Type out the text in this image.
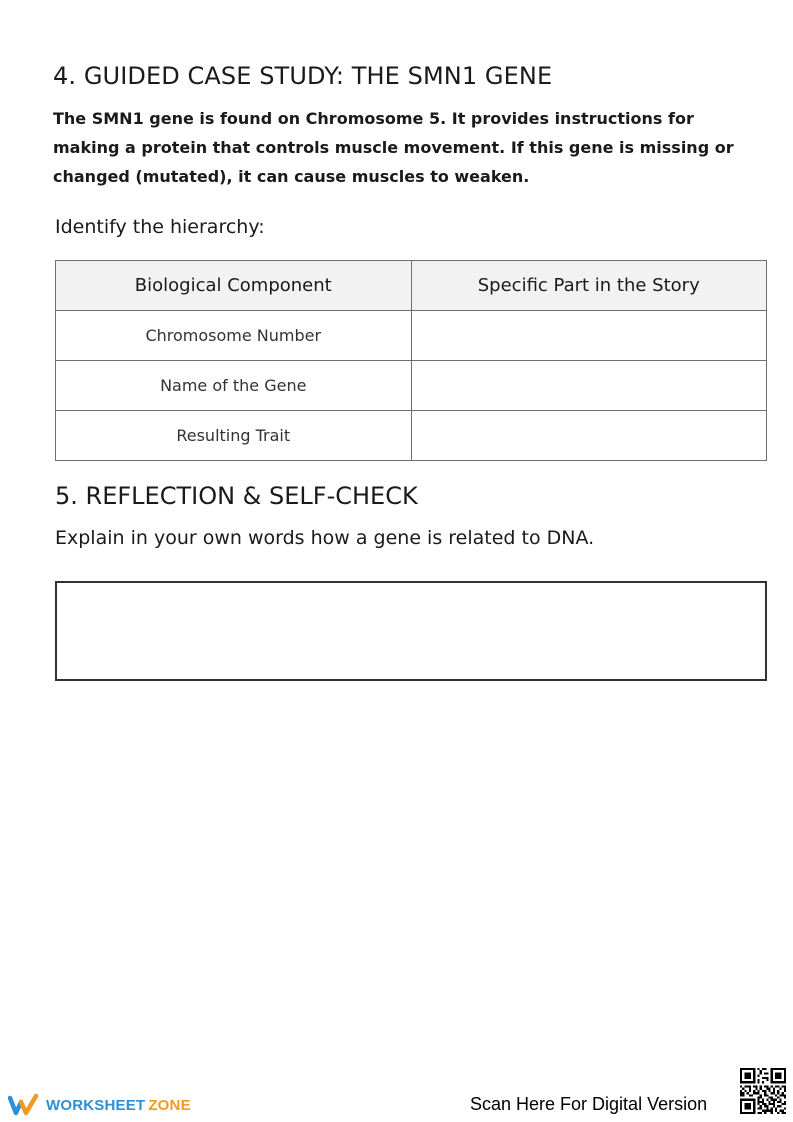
4. GUIDED CASE STUDY: THE SMN1 GENE

The SMN1 gene is found on Chromosome 5. It provides instructions for making a protein that controls muscle movement. If this gene is missing or changed (mutated), it can cause muscles to weaken.

Identify the hierarchy:
Biological Component	Specific Part in the Story
Chromosome Number	
Name of the Gene	
Resulting Trait	
5. REFLECTION & SELF-CHECK
Explain in your own words how a gene is related to DNA.
WORKSHEET ZONE	Scan Here For Digital Version
